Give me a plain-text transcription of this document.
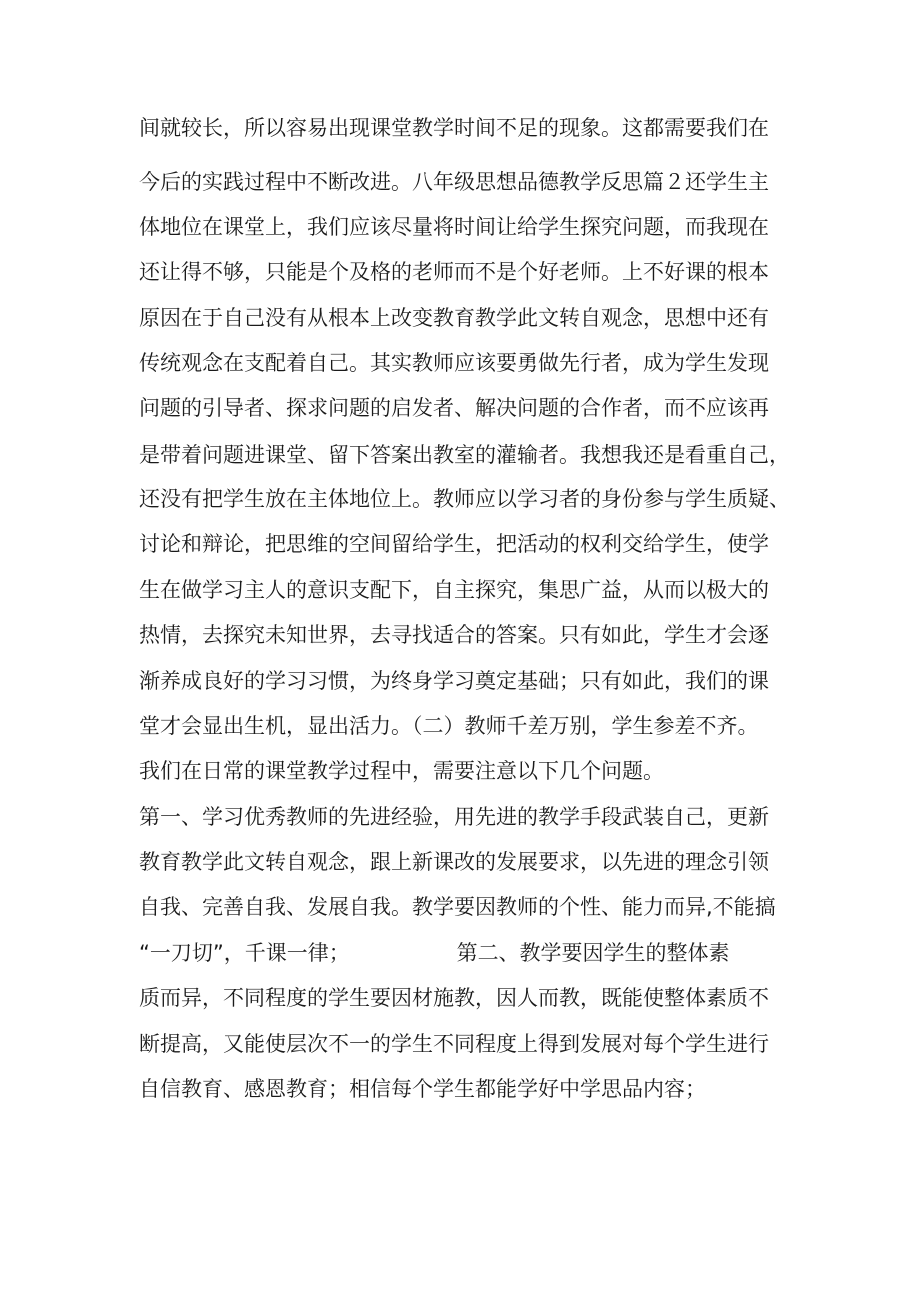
间就较长，所以容易出现课堂教学时间不足的现象。这都需要我们在
今后的实践过程中不断改进。八年级思想品德教学反思篇２还学生主
体地位在课堂上，我们应该尽量将时间让给学生探究问题，而我现在
还让得不够，只能是个及格的老师而不是个好老师。上不好课的根本
原因在于自己没有从根本上改变教育教学此文转自观念，思想中还有
传统观念在支配着自己。其实教师应该要勇做先行者，成为学生发现
问题的引导者、探求问题的启发者、解决问题的合作者，而不应该再
是带着问题进课堂、留下答案出教室的灌输者。我想我还是看重自己，
还没有把学生放在主体地位上。教师应以学习者的身份参与学生质疑、
讨论和辩论，把思维的空间留给学生，把活动的权利交给学生，使学
生在做学习主人的意识支配下，自主探究，集思广益，从而以极大的
热情，去探究未知世界，去寻找适合的答案。只有如此，学生才会逐
渐养成良好的学习习惯，为终身学习奠定基础；只有如此，我们的课
堂才会显出生机，显出活力。（二）教师千差万别，学生参差不齐。
我们在日常的课堂教学过程中，需要注意以下几个问题。
第一、学习优秀教师的先进经验，用先进的教学手段武装自己，更新
教育教学此文转自观念，跟上新课改的发展要求，以先进的理念引领
自我、完善自我、发展自我。教学要因教师的个性、能力而异,不能搞
“一刀切”，千课一律；                第二、教学要因学生的整体素
质而异，不同程度的学生要因材施教，因人而教，既能使整体素质不
断提高，又能使层次不一的学生不同程度上得到发展对每个学生进行
自信教育、感恩教育；相信每个学生都能学好中学思品内容；
